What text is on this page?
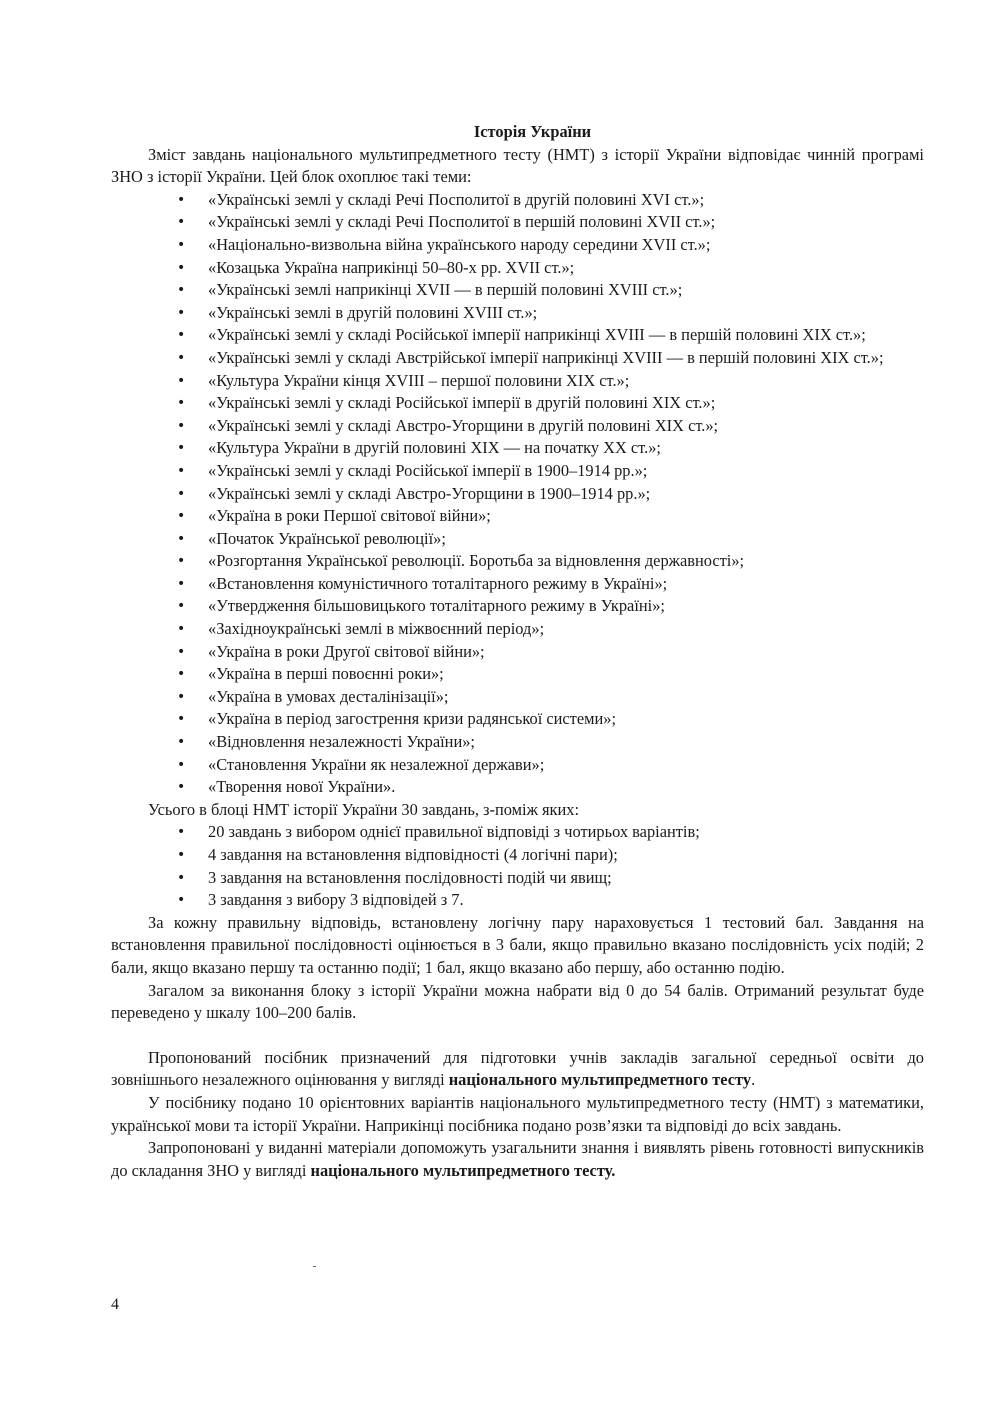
Історія України

Зміст завдань національного мультипредметного тесту (НМТ) з історії України відповідає чинній програмі ЗНО з історії України. Цей блок охоплює такі теми:

• «Українські землі у складі Речі Посполитої в другій половині XVI ст.»;
• «Українські землі у складі Речі Посполитої в першій половині XVII ст.»;
• «Національно-визвольна війна українського народу середини XVII ст.»;
• «Козацька Україна наприкінці 50–80-х рр. XVII ст.»;
• «Українські землі наприкінці XVII — в першій половині XVIII ст.»;
• «Українські землі в другій половині XVIII ст.»;
• «Українські землі у складі Російської імперії наприкінці XVIII — в першій половині XIX ст.»;
• «Українські землі у складі Австрійської імперії наприкінці XVIII — в першій половині XIX ст.»;
• «Культура України кінця XVIII – першої половини XIX ст.»;
• «Українські землі у складі Російської імперії в другій половині XIX ст.»;
• «Українські землі у складі Австро-Угорщини в другій половині XIX ст.»;
• «Культура України в другій половині XIX — на початку XX ст.»;
• «Українські землі у складі Російської імперії в 1900–1914 рр.»;
• «Українські землі у складі Австро-Угорщини в 1900–1914 рр.»;
• «Україна в роки Першої світової війни»;
• «Початок Української революції»;
• «Розгортання Української революції. Боротьба за відновлення державності»;
• «Встановлення комуністичного тоталітарного режиму в Україні»;
• «Утвердження більшовицького тоталітарного режиму в Україні»;
• «Західноукраїнські землі в міжвоєнний період»;
• «Україна в роки Другої світової війни»;
• «Україна в перші повоєнні роки»;
• «Україна в умовах десталінізації»;
• «Україна в період загострення кризи радянської системи»;
• «Відновлення незалежності України»;
• «Становлення України як незалежної держави»;
• «Творення нової України».

Усього в блоці НМТ історії України 30 завдань, з-поміж яких:

• 20 завдань з вибором однієї правильної відповіді з чотирьох варіантів;
• 4 завдання на встановлення відповідності (4 логічні пари);
• 3 завдання на встановлення послідовності подій чи явищ;
• 3 завдання з вибору 3 відповідей з 7.

За кожну правильну відповідь, встановлену логічну пару нараховується 1 тестовий бал. Завдання на встановлення правильної послідовності оцінюється в 3 бали, якщо правильно вказано послідовність усіх подій; 2 бали, якщо вказано першу та останню події; 1 бал, якщо вказано або першу, або останню подію.

Загалом за виконання блоку з історії України можна набрати від 0 до 54 балів. Отриманий результат буде переведено у шкалу 100–200 балів.

Пропонований посібник призначений для підготовки учнів закладів загальної середньої освіти до зовнішнього незалежного оцінювання у вигляді національного мультипредметного тесту.

У посібнику подано 10 орієнтовних варіантів національного мультипредметного тесту (НМТ) з математики, української мови та історії України. Наприкінці посібника подано розв’язки та відповіді до всіх завдань.

Запропоновані у виданні матеріали допоможуть узагальнити знання і виявлять рівень готовності випускників до складання ЗНО у вигляді національного мультипредметного тесту.

4
